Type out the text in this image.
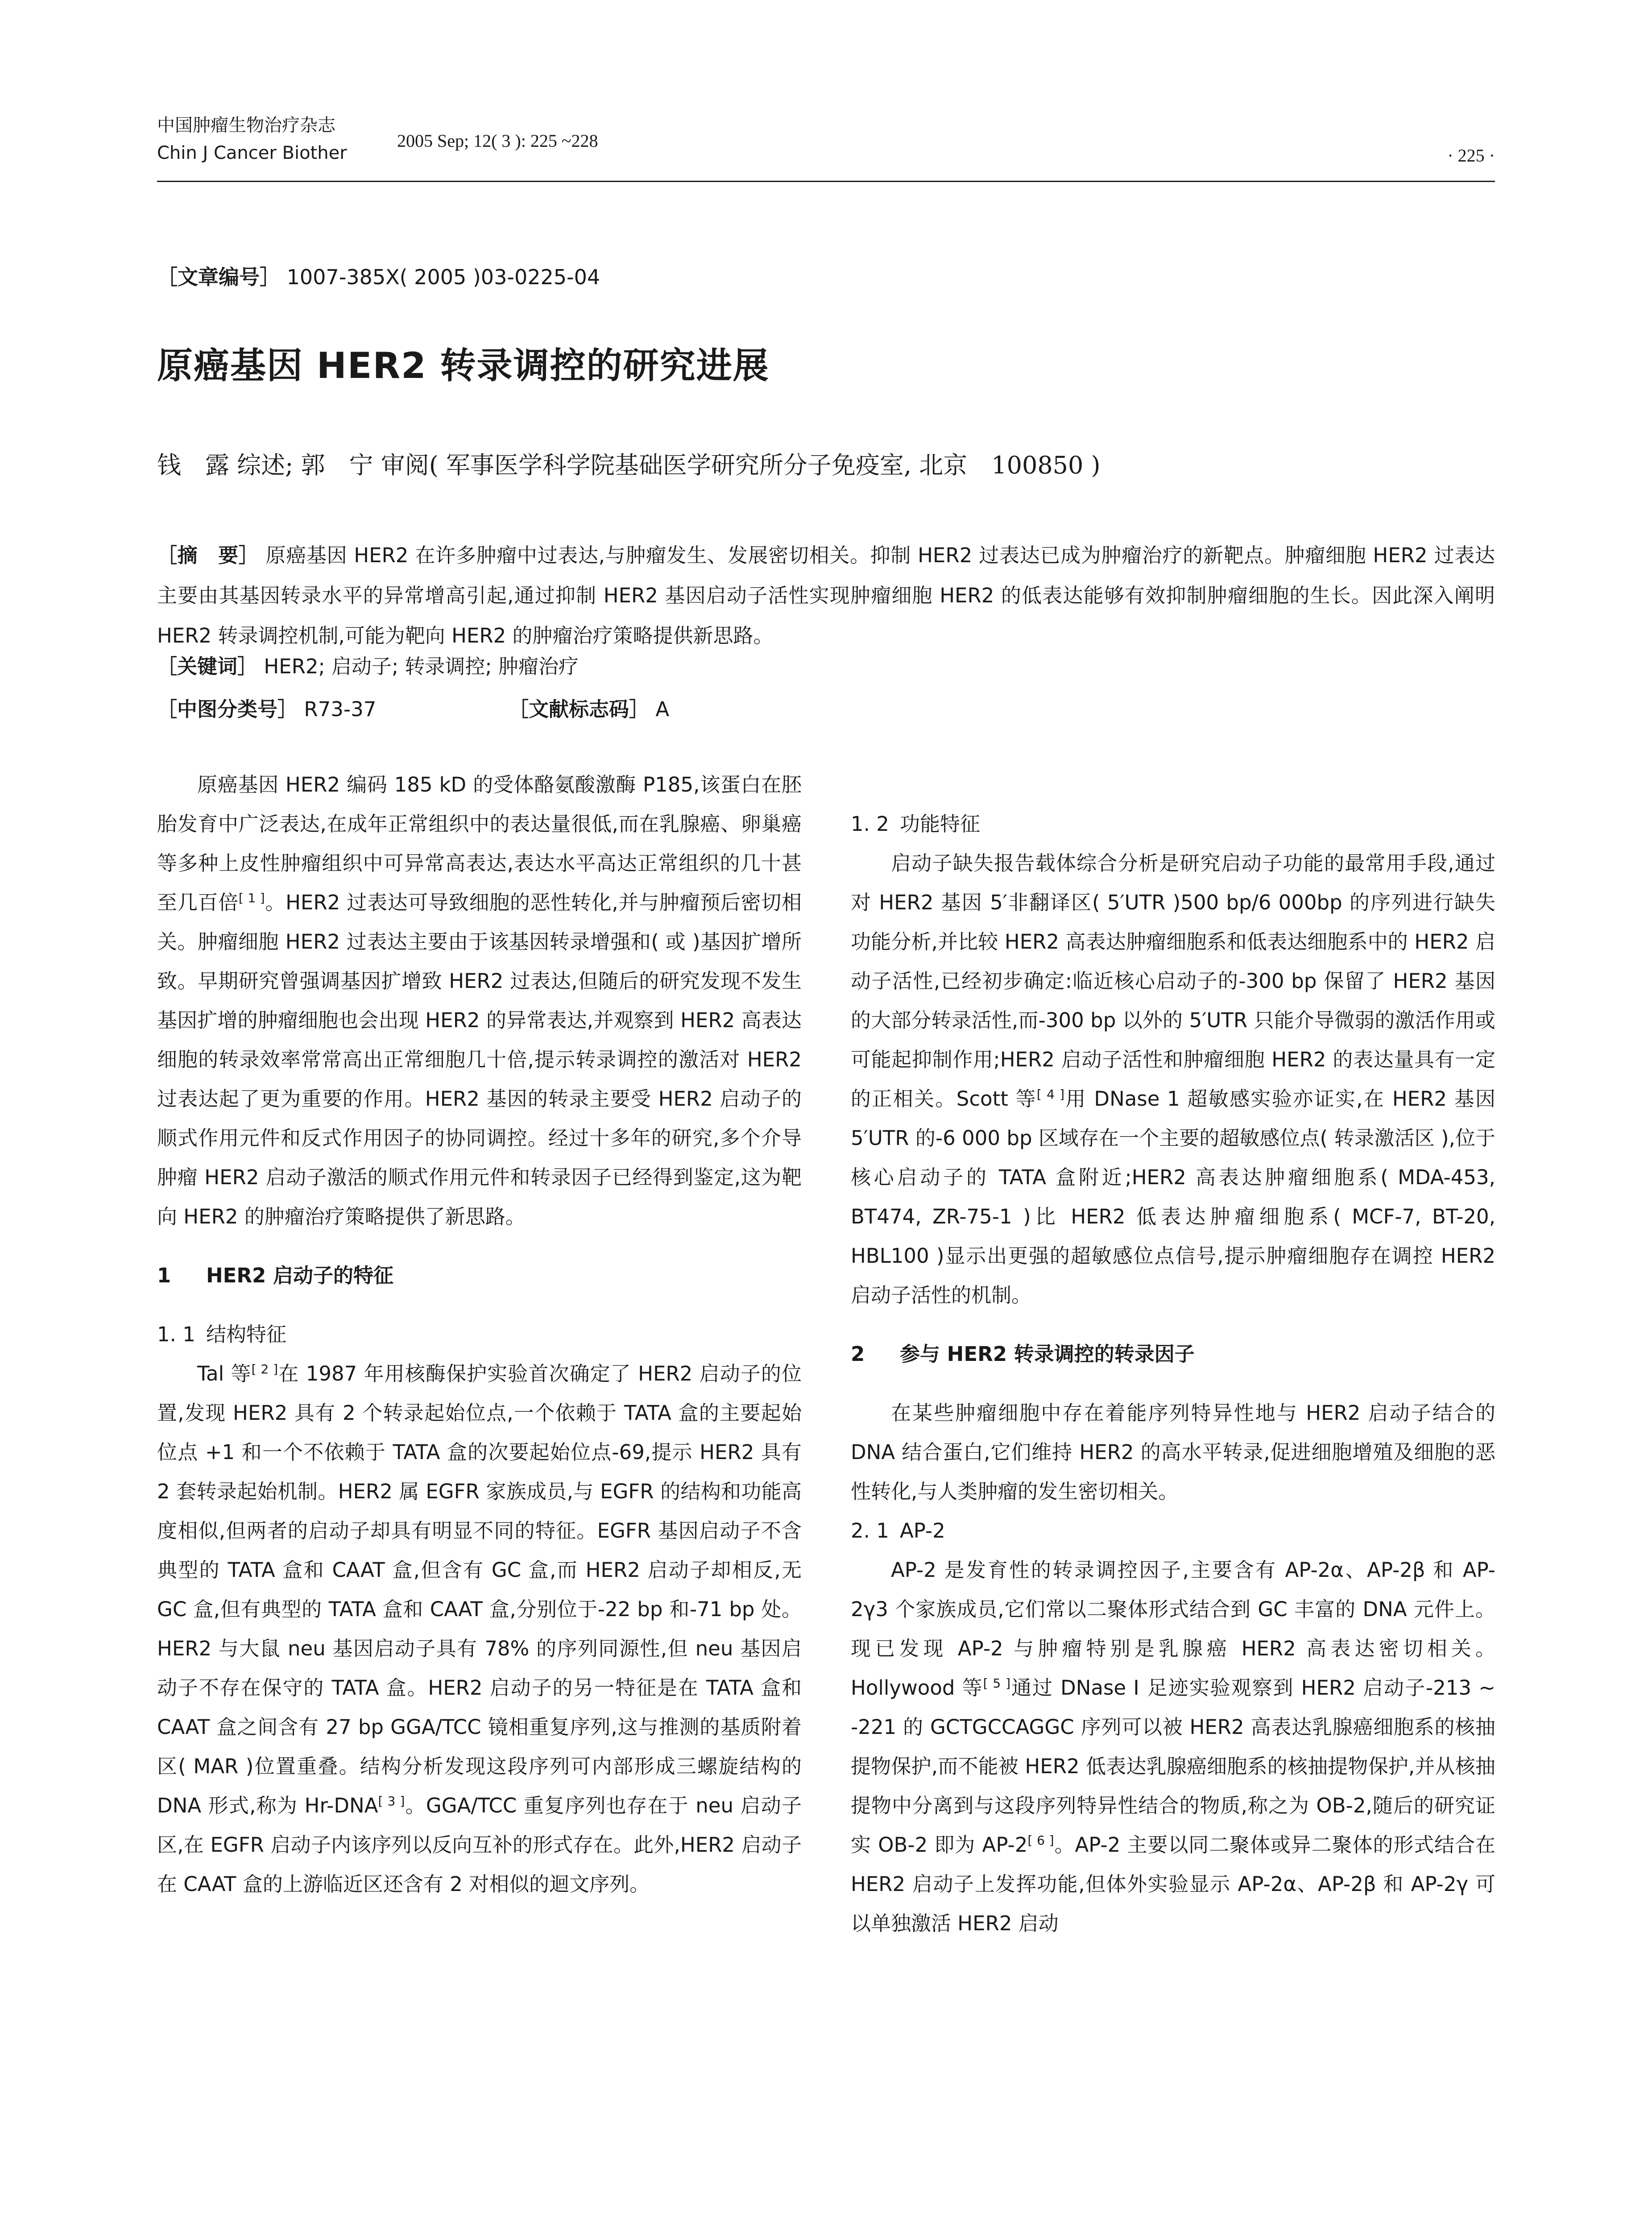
中国肿瘤生物治疗杂志
Chin J Cancer Biother
2005 Sep; 12( 3 ): 225 ~228
· 225 ·
［文章编号］ 1007-385X( 2005 )03-0225-04
原癌基因 HER2 转录调控的研究进展
钱　露 综述; 郭　宁 审阅( 军事医学科学院基础医学研究所分子免疫室, 北京　100850 )
［摘　要］ 原癌基因 HER2 在许多肿瘤中过表达,与肿瘤发生、发展密切相关。抑制 HER2 过表达已成为肿瘤治疗的新靶点。肿瘤细胞 HER2 过表达主要由其基因转录水平的异常增高引起,通过抑制 HER2 基因启动子活性实现肿瘤细胞 HER2 的低表达能够有效抑制肿瘤细胞的生长。因此深入阐明 HER2 转录调控机制,可能为靶向 HER2 的肿瘤治疗策略提供新思路。
［关键词］ HER2; 启动子; 转录调控; 肿瘤治疗
［中图分类号］ R73-37	［文献标志码］ A

原癌基因 HER2 编码 185 kD 的受体酪氨酸激酶 P185,该蛋白在胚胎发育中广泛表达,在成年正常组织中的表达量很低,而在乳腺癌、卵巢癌等多种上皮性肿瘤组织中可异常高表达,表达水平高达正常组织的几十甚至几百倍[ 1 ]。HER2 过表达可导致细胞的恶性转化,并与肿瘤预后密切相关。肿瘤细胞 HER2 过表达主要由于该基因转录增强和( 或 )基因扩增所致。早期研究曾强调基因扩增致 HER2 过表达,但随后的研究发现不发生基因扩增的肿瘤细胞也会出现 HER2 的异常表达,并观察到 HER2 高表达细胞的转录效率常常高出正常细胞几十倍,提示转录调控的激活对 HER2 过表达起了更为重要的作用。HER2 基因的转录主要受 HER2 启动子的顺式作用元件和反式作用因子的协同调控。经过十多年的研究,多个介导肿瘤 HER2 启动子激活的顺式作用元件和转录因子已经得到鉴定,这为靶向 HER2 的肿瘤治疗策略提供了新思路。

1 HER2 启动子的特征
1. 1 结构特征

Tal 等[ 2 ]在 1987 年用核酶保护实验首次确定了 HER2 启动子的位置,发现 HER2 具有 2 个转录起始位点,一个依赖于 TATA 盒的主要起始位点 +1 和一个不依赖于 TATA 盒的次要起始位点-69,提示 HER2 具有 2 套转录起始机制。HER2 属 EGFR 家族成员,与 EGFR 的结构和功能高度相似,但两者的启动子却具有明显不同的特征。EGFR 基因启动子不含典型的 TATA 盒和 CAAT 盒,但含有 GC 盒,而 HER2 启动子却相反,无 GC 盒,但有典型的 TATA 盒和 CAAT 盒,分别位于-22 bp 和-71 bp 处。HER2 与大鼠 neu 基因启动子具有 78% 的序列同源性,但 neu 基因启动子不存在保守的 TATA 盒。HER2 启动子的另一特征是在 TATA 盒和 CAAT 盒之间含有 27 bp GGA/TCC 镜相重复序列,这与推测的基质附着区( MAR )位置重叠。结构分析发现这段序列可内部形成三螺旋结构的 DNA 形式,称为 Hr-DNA[ 3 ]。GGA/TCC 重复序列也存在于 neu 启动子区,在 EGFR 启动子内该序列以反向互补的形式存在。此外,HER2 启动子在 CAAT 盒的上游临近区还含有 2 对相似的迴文序列。

1. 2 功能特征

启动子缺失报告载体综合分析是研究启动子功能的最常用手段,通过对 HER2 基因 5′非翻译区( 5′UTR )500 bp/6 000bp 的序列进行缺失功能分析,并比较 HER2 高表达肿瘤细胞系和低表达细胞系中的 HER2 启动子活性,已经初步确定:临近核心启动子的-300 bp 保留了 HER2 基因的大部分转录活性,而-300 bp 以外的 5′UTR 只能介导微弱的激活作用或可能起抑制作用;HER2 启动子活性和肿瘤细胞 HER2 的表达量具有一定的正相关。Scott 等[ 4 ]用 DNase 1 超敏感实验亦证实,在 HER2 基因 5′UTR 的-6 000 bp 区域存在一个主要的超敏感位点( 转录激活区 ),位于核心启动子的 TATA 盒附近;HER2 高表达肿瘤细胞系( MDA-453, BT474, ZR-75-1 )比 HER2 低表达肿瘤细胞系( MCF-7, BT-20, HBL100 )显示出更强的超敏感位点信号,提示肿瘤细胞存在调控 HER2 启动子活性的机制。

2 参与 HER2 转录调控的转录因子

在某些肿瘤细胞中存在着能序列特异性地与 HER2 启动子结合的 DNA 结合蛋白,它们维持 HER2 的高水平转录,促进细胞增殖及细胞的恶性转化,与人类肿瘤的发生密切相关。

2. 1 AP-2

AP-2 是发育性的转录调控因子,主要含有 AP-2α、AP-2β 和 AP-2γ3 个家族成员,它们常以二聚体形式结合到 GC 丰富的 DNA 元件上。现已发现 AP-2 与肿瘤特别是乳腺癌 HER2 高表达密切相关。Hollywood 等[ 5 ]通过 DNase Ⅰ 足迹实验观察到 HER2 启动子-213 ~ -221 的 GCTGCCAGGC 序列可以被 HER2 高表达乳腺癌细胞系的核抽提物保护,而不能被 HER2 低表达乳腺癌细胞系的核抽提物保护,并从核抽提物中分离到与这段序列特异性结合的物质,称之为 OB-2,随后的研究证实 OB-2 即为 AP-2[ 6 ]。AP-2 主要以同二聚体或异二聚体的形式结合在 HER2 启动子上发挥功能,但体外实验显示 AP-2α、AP-2β 和 AP-2γ 可以单独激活 HER2 启动
